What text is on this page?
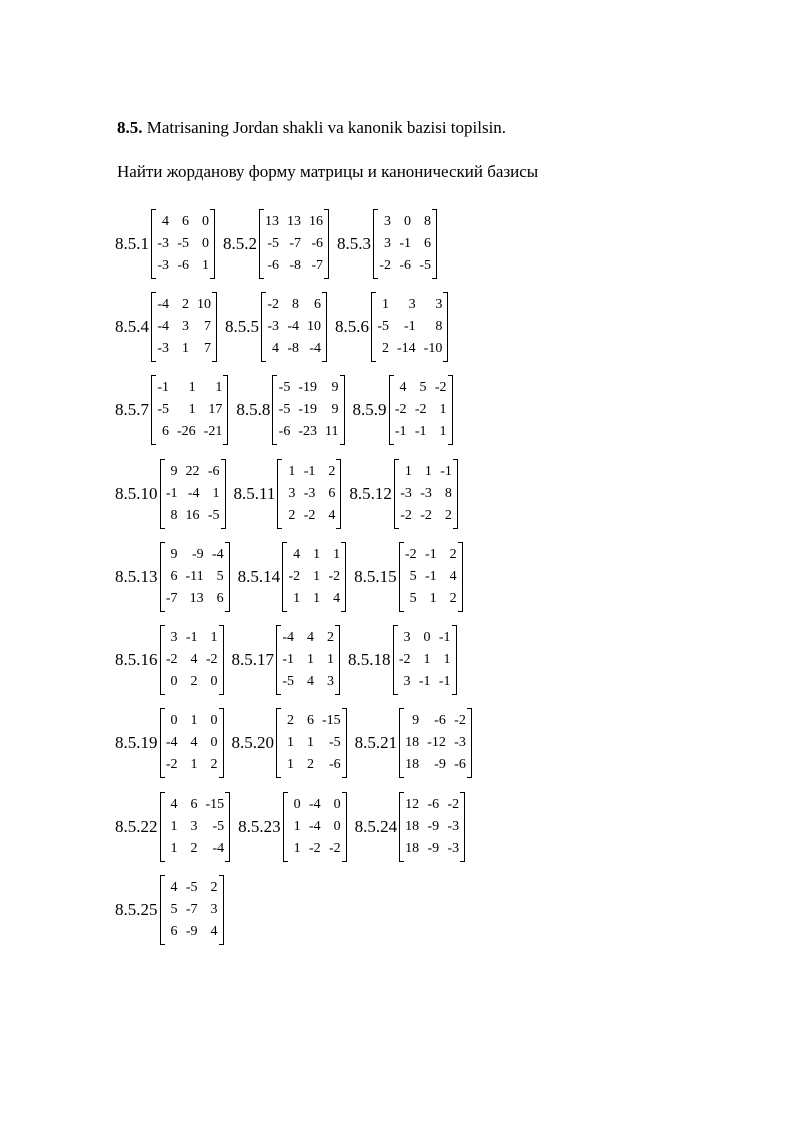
8.5. Matrisaning Jordan shakli va kanonik bazisi topilsin.
Найти жорданову форму матрицы и канонический базисы
8.5.1
4 6 0
-3 -5 0
-3 -6 1
8.5.2
13 13 16
-5 -7 -6
-6 -8 -7
8.5.3
3 0 8
3 -1 6
-2 -6 -5
8.5.4
-4 2 10
-4 3	7
-3 1	7
8.5.5
-2 8	6
-3 -4 10
4 -8 -4
8.5.6
1	3	3
-5	-1	8
2 -14 -10
8.5.7
-1	1	1
-5	1 17
6 -26 -21
8.5.8
-5 -19	9
-5 -19	9
-6 -23 11
8.5.9
4 5 -2
-2 -2 1
-1 -1 1
8.5.10
9 22 -6
-1 -4 1
8 16 -5
8.5.11
1 -1 2
3 -3 6
2 -2 4
8.5.12
1 1 -1
-3 -3 8
-2 -2 2
8.5.13
9	-9 -4
6 -11 5
-7 13 6
8.5.14
4 1 1
-2 1 -2
1 1 4
8.5.15
-2 -1 2
5 -1 4
5 1 2
8.5.16
3 -1 1
-2 4 -2
0 2 0
8.5.17
-4 4 2
-1 1 1
-5 4 3
8.5.18
3 0 -1
-2 1 1
3 -1 -1
8.5.19
0 1 0
-4 4 0
-2 1 2
8.5.20
2 6 -15
1 1	-5
1 2	-6
8.5.21
9	-6 -2
18 -12 -3
18	-9 -6
8.5.22
4 6 -15
1 3	-5
1 2	-4
8.5.23
0 -4 0
1 -4 0
1 -2 -2
8.5.24
12 -6 -2
18 -9 -3
18 -9 -3
8.5.25
4 -5 2
5 -7 3
6 -9 4
